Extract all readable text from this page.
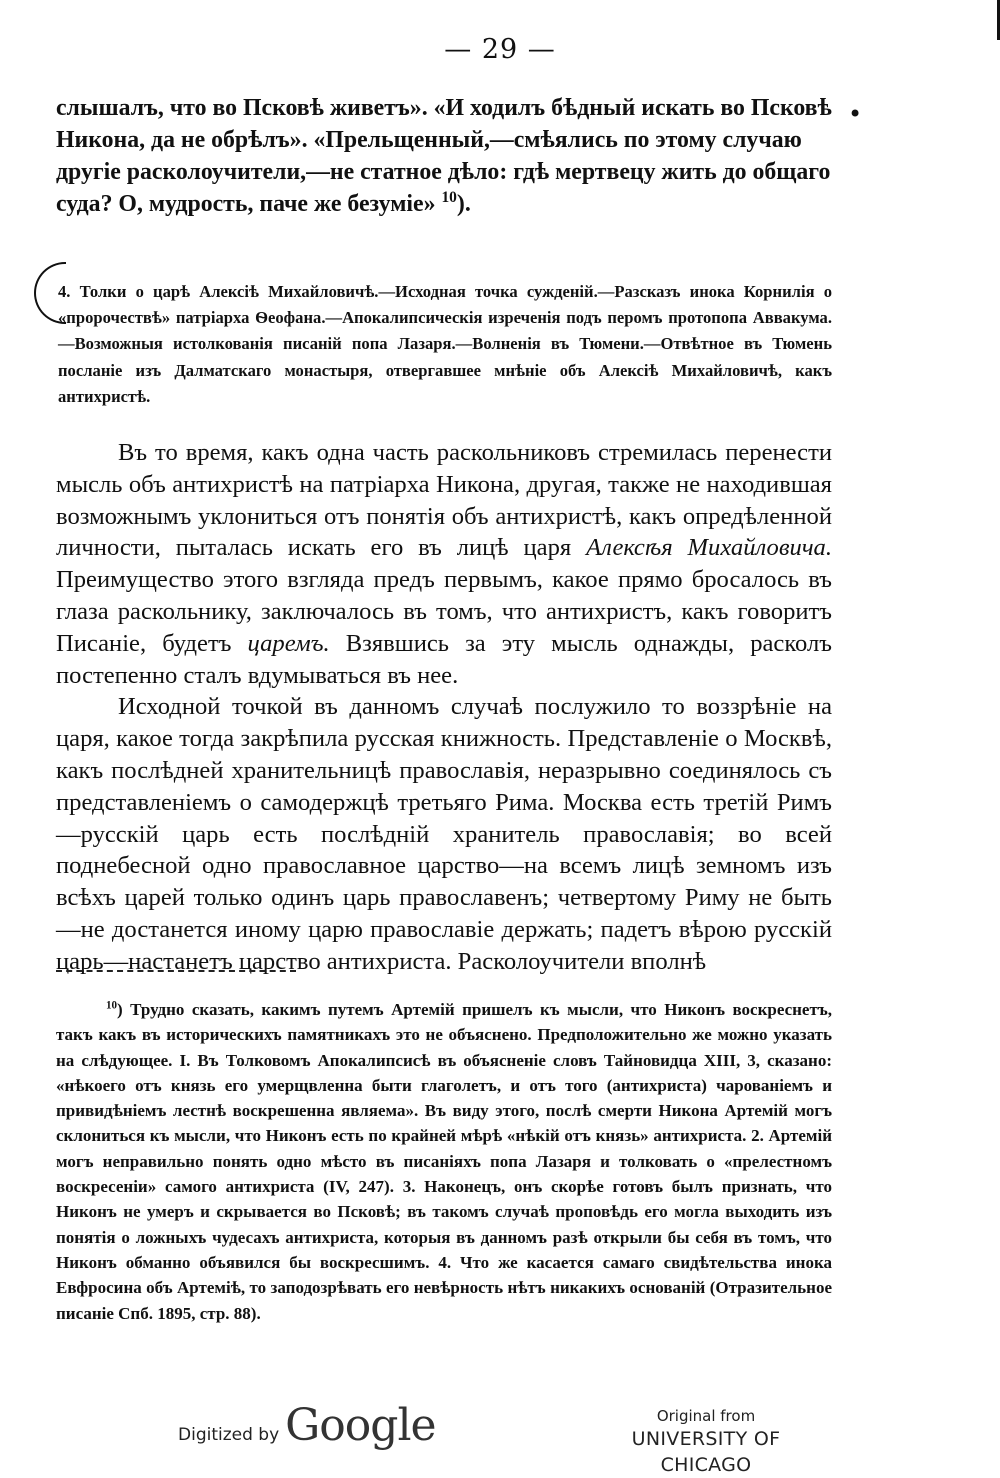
— 29 —
•

слышалъ, что во Псковѣ живетъ». «И ходилъ бѣдный искать во Псковѣ Никона, да не обрѣлъ». «Прельщенный,—смѣялись по этому случаю другіе расколоучители,—не статное дѣло: гдѣ мертвецу жить до общаго суда? О, мудрость, паче же безуміе» $^{10}$).

4. Толки о царѣ Алексіѣ Михайловичѣ.—Исходная точка сужденій.—Разсказъ инока Корнилія о «пророчествѣ» патріарха Ѳеофана.—Апокалипсическія изреченія подъ перомъ протопопа Аввакума.—Возможныя истолкованія писаній попа Лазаря.—Волненія въ Тюмени.—Отвѣтное въ Тюмень посланіе изъ Далматскаго монастыря, отвергавшее мнѣніе объ Алексіѣ Михайловичѣ, какъ антихристѣ.

Въ то время, какъ одна часть раскольниковъ стремилась перенести мысль объ антихристѣ на патріарха Никона, другая, также не находившая возможнымъ уклониться отъ понятія объ антихристѣ, какъ опредѣленной личности, пыталась искать его въ лицѣ царя Алексѣя Михайловича. Преимущество этого взгляда предъ первымъ, какое прямо бросалось въ глаза раскольнику, заключалось въ томъ, что антихристъ, какъ говоритъ Писаніе, будетъ царемъ. Взявшись за эту мысль однажды, расколъ постепенно сталъ вдумываться въ нее.

Исходной точкой въ данномъ случаѣ послужило то воззрѣніе на царя, какое тогда закрѣпила русская книжность. Представленіе о Москвѣ, какъ послѣдней хранительницѣ православія, неразрывно соединялось съ представленіемъ о самодержцѣ третьяго Рима. Москва есть третій Римъ—русскій царь есть послѣдній хранитель православія; во всей поднебесной одно православное царство—на всемъ лицѣ земномъ изъ всѣхъ царей только одинъ царь православенъ; четвертому Риму не быть—не достанется иному царю православіе держать; падетъ вѣрою русскій царь—настанетъ царство антихриста. Расколоучители вполнѣ

$^{10}$) Трудно сказать, какимъ путемъ Артемій пришелъ къ мысли, что Никонъ воскреснетъ, такъ какъ въ историческихъ памятникахъ это не объяснено. Предположительно же можно указать на слѣдующее. I. Въ Толковомъ Апокалипсисѣ въ объясненіе словъ Тайновидца XIII, 3, сказано: «нѣкоего отъ князь его умерщвленна быти глаголетъ, и отъ того (антихриста) чарованіемъ и привидѣніемъ лестнѣ воскрешенна являема». Въ виду этого, послѣ смерти Никона Артемій могъ склониться къ мысли, что Никонъ есть по крайней мѣрѣ «нѣкій отъ князь» антихриста. 2. Артемій могъ неправильно понять одно мѣсто въ писаніяхъ попа Лазаря и толковать о «прелестномъ воскресеніи» самого антихриста (IV, 247). 3. Наконецъ, онъ скорѣе готовъ былъ признать, что Никонъ не умеръ и скрывается во Псковѣ; въ такомъ случаѣ проповѣдь его могла выходить изъ понятія о ложныхъ чудесахъ антихриста, которыя въ данномъ разѣ открыли бы себя въ томъ, что Никонъ обманно объявился бы воскресшимъ. 4. Что же касается самаго свидѣтельства инока Евфросина объ Артеміѣ, то заподозрѣвать его невѣрность нѣтъ никакихъ основаній (Отразительное писаніе Спб. 1895, стр. 88).
Digitized by Google	Original from
UNIVERSITY OF CHICAGO
